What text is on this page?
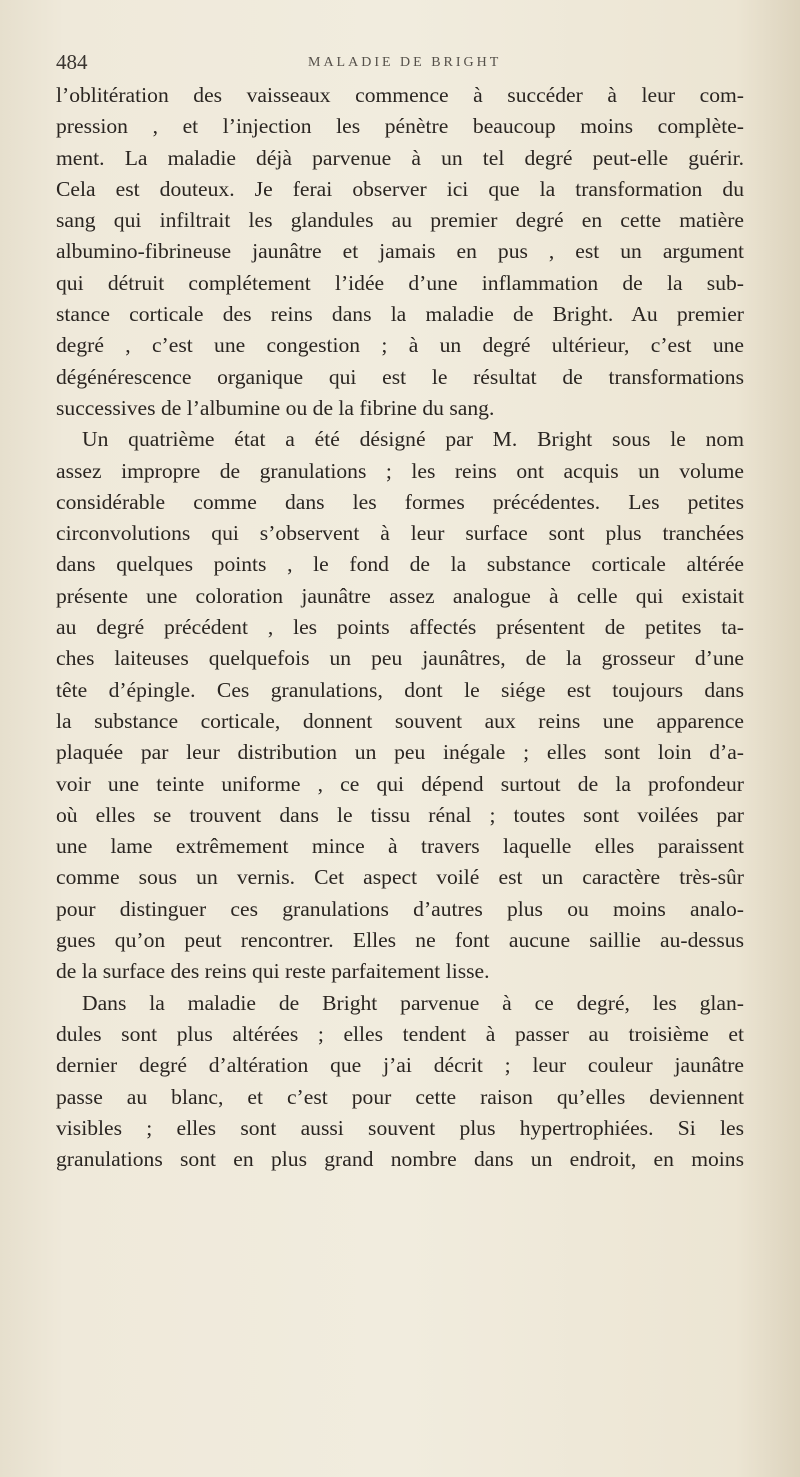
484	MALADIE DE BRIGHT
l’oblitération des vaisseaux commence à succéder à leur com-
pression , et l’injection les pénètre beaucoup moins complète-
ment. La maladie déjà parvenue à un tel degré peut-elle guérir.
Cela est douteux. Je ferai observer ici que la transformation du
sang qui infiltrait les glandules au premier degré en cette matière
albumino-fibrineuse jaunâtre et jamais en pus , est un argument
qui détruit complétement l’idée d’une inflammation de la sub-
stance corticale des reins dans la maladie de Bright. Au premier
degré , c’est une congestion ; à un degré ultérieur, c’est une
dégénérescence organique qui est le résultat de transformations
successives de l’albumine ou de la fibrine du sang.
Un quatrième état a été désigné par M. Bright sous le nom
assez impropre de granulations ; les reins ont acquis un volume
considérable comme dans les formes précédentes. Les petites
circonvolutions qui s’observent à leur surface sont plus tranchées
dans quelques points , le fond de la substance corticale altérée
présente une coloration jaunâtre assez analogue à celle qui existait
au degré précédent , les points affectés présentent de petites ta-
ches laiteuses quelquefois un peu jaunâtres, de la grosseur d’une
tête d’épingle. Ces granulations, dont le siége est toujours dans
la substance corticale, donnent souvent aux reins une apparence
plaquée par leur distribution un peu inégale ; elles sont loin d’a-
voir une teinte uniforme , ce qui dépend surtout de la profondeur
où elles se trouvent dans le tissu rénal ; toutes sont voilées par
une lame extrêmement mince à travers laquelle elles paraissent
comme sous un vernis. Cet aspect voilé est un caractère très-sûr
pour distinguer ces granulations d’autres plus ou moins analo-
gues qu’on peut rencontrer. Elles ne font aucune saillie au-dessus
de la surface des reins qui reste parfaitement lisse.
Dans la maladie de Bright parvenue à ce degré, les glan-
dules sont plus altérées ; elles tendent à passer au troisième et
dernier degré d’altération que j’ai décrit ; leur couleur jaunâtre
passe au blanc, et c’est pour cette raison qu’elles deviennent
visibles ; elles sont aussi souvent plus hypertrophiées. Si les
granulations sont en plus grand nombre dans un endroit, en moins
